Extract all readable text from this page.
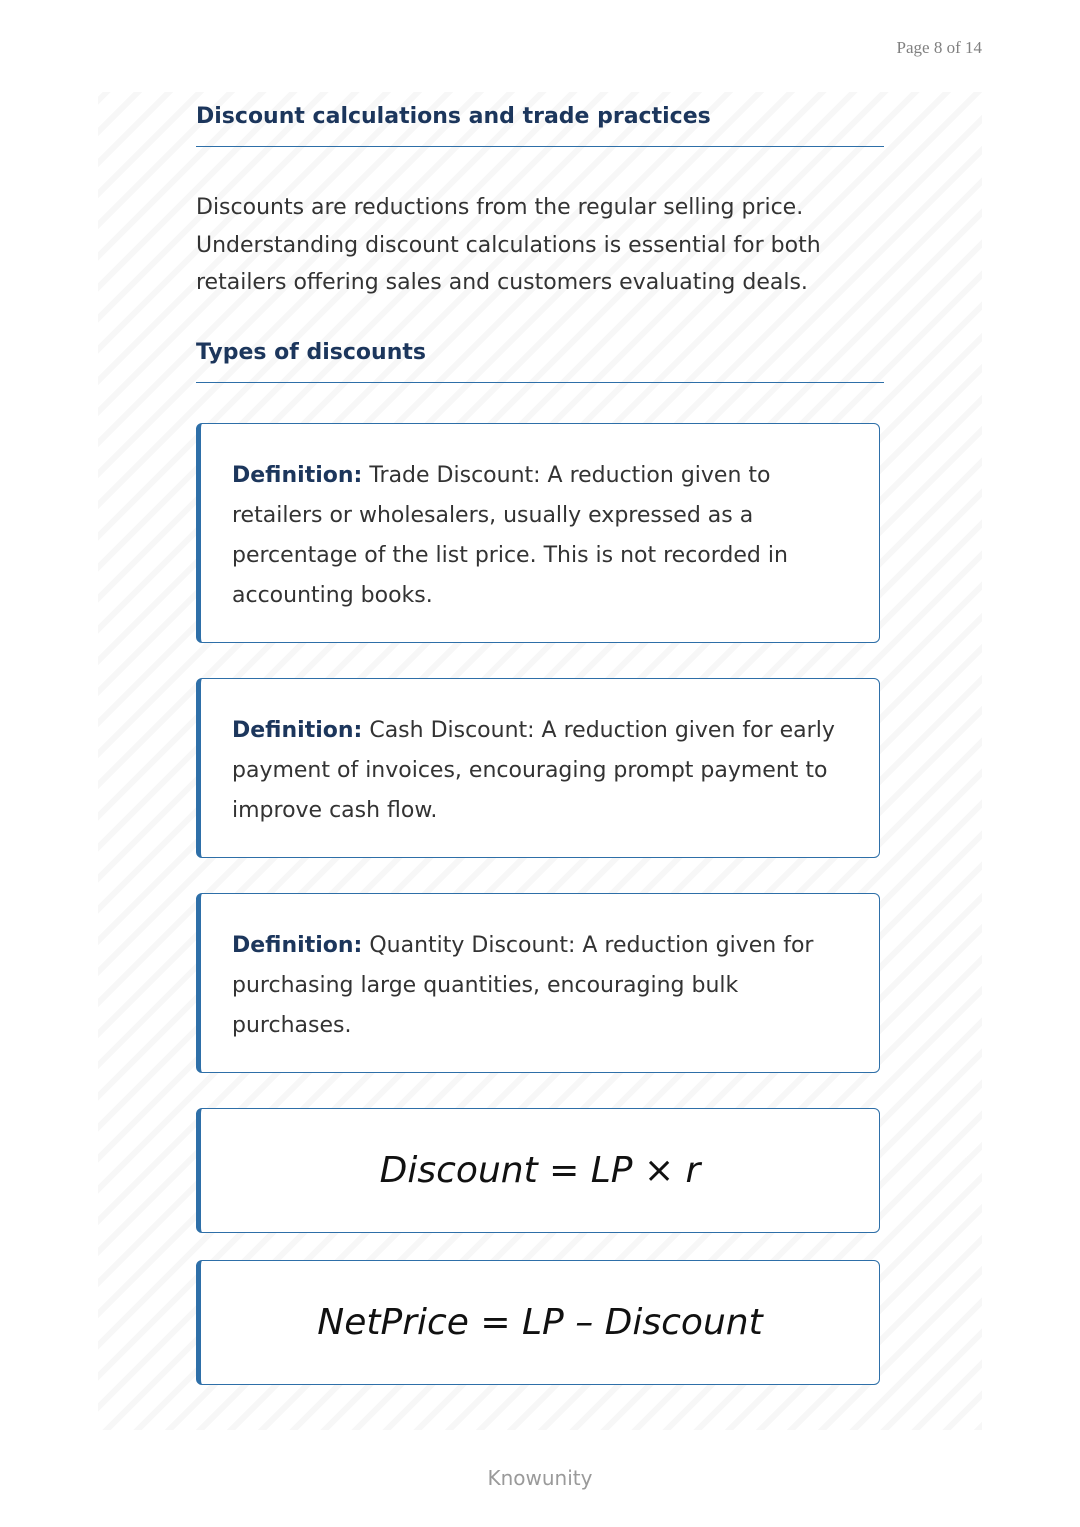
Page 8 of 14
Discount calculations and trade practices

Discounts are reductions from the regular selling price. Understanding discount calculations is essential for both retailers offering sales and customers evaluating deals.

Types of discounts

Definition: Trade Discount: A reduction given to retailers or wholesalers, usually expressed as a percentage of the list price. This is not recorded in accounting books.

Definition: Cash Discount: A reduction given for early payment of invoices, encouraging prompt payment to improve cash flow.

Definition: Quantity Discount: A reduction given for purchasing large quantities, encouraging bulk purchases.

Discount = LP × r
NetPrice = LP – Discount
Knowunity
